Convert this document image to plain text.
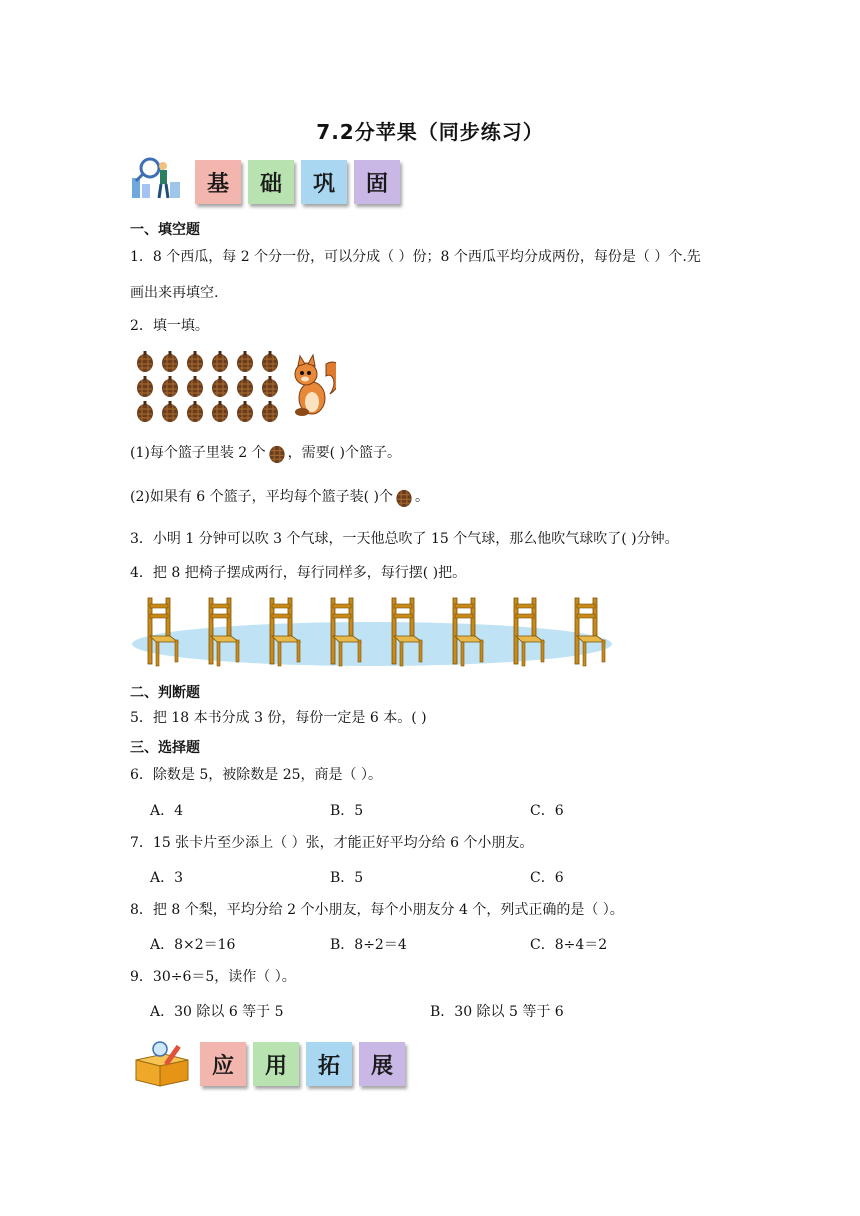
7.2分苹果（同步练习）
基	础	巩	固
一、填空题
1．8 个西瓜，每 2 个分一份，可以分成（ ）份；8 个西瓜平均分成两份，每份是（ ）个.先
画出来再填空.
2．填一填。
(1)每个篮子里装 2 个 ，需要( )个篮子。
(2)如果有 6 个篮子，平均每个篮子装( )个 。
3．小明 1 分钟可以吹 3 个气球，一天他总吹了 15 个气球，那么他吹气球吹了( )分钟。
4．把 8 把椅子摆成两行，每行同样多，每行摆( )把。
二、判断题
5．把 18 本书分成 3 份，每份一定是 6 本。( )
三、选择题
6．除数是 5，被除数是 25，商是（ ）。
A．4	B．5	C．6
7．15 张卡片至少添上（ ）张，才能正好平均分给 6 个小朋友。
A．3	B．5	C．6
8．把 8 个梨，平均分给 2 个小朋友，每个小朋友分 4 个，列式正确的是（ ）。
A．8×2＝16	B．8÷2＝4	C．8÷4＝2
9．30÷6＝5，读作（ ）。
A．30 除以 6 等于 5	B．30 除以 5 等于 6
应	用	拓	展
